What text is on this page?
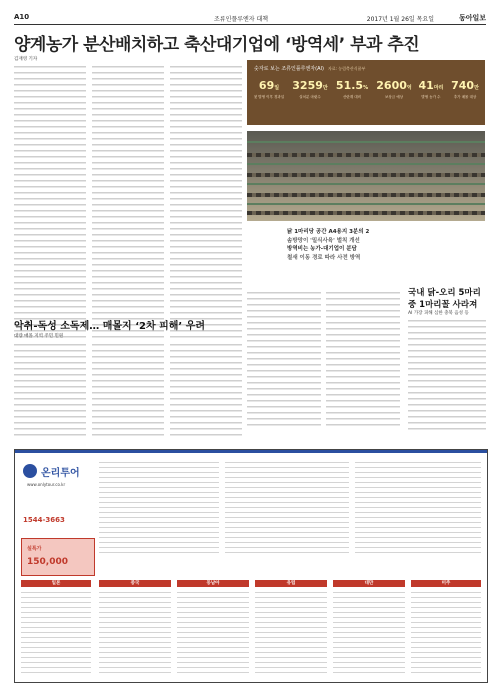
A10	조류인플루엔자 대책	2017년 1월 26일 목요일	동아일보
양계농가 분산배치하고 축산대기업에 ‘방역세’ 부과 추진
김재영 기자
숫자로 보는 조류인플루엔자(AI) 자료: 농림축산식품부
69일
첫 발생 이후 경과일
3259만
살처분 마릿수
51.5%
산란계 대비
2600억
보상금 예상
41마리
발생 농가 수
740만
추가 매몰 대상
닭 1마리당 공간 A4용지 3분의 2
솜방망이 '밀식사육' 벌칙 개선
방역비는 농가-대기업이 분담
철새 이동 경로 따라 사전 방역
국내 닭-오리 5마리중 1마리꼴 사라져
AI 가장 피해 심한 충북 음성 등
악취-독성 소독제… 매몰지 ‘2차 피해’ 우려
대량 매몰 지역 주민 민원
온리투어
www.onlytour.co.kr
1544-3663
설특가
150,000
일본	중국	동남아	유럽	대만	미주
